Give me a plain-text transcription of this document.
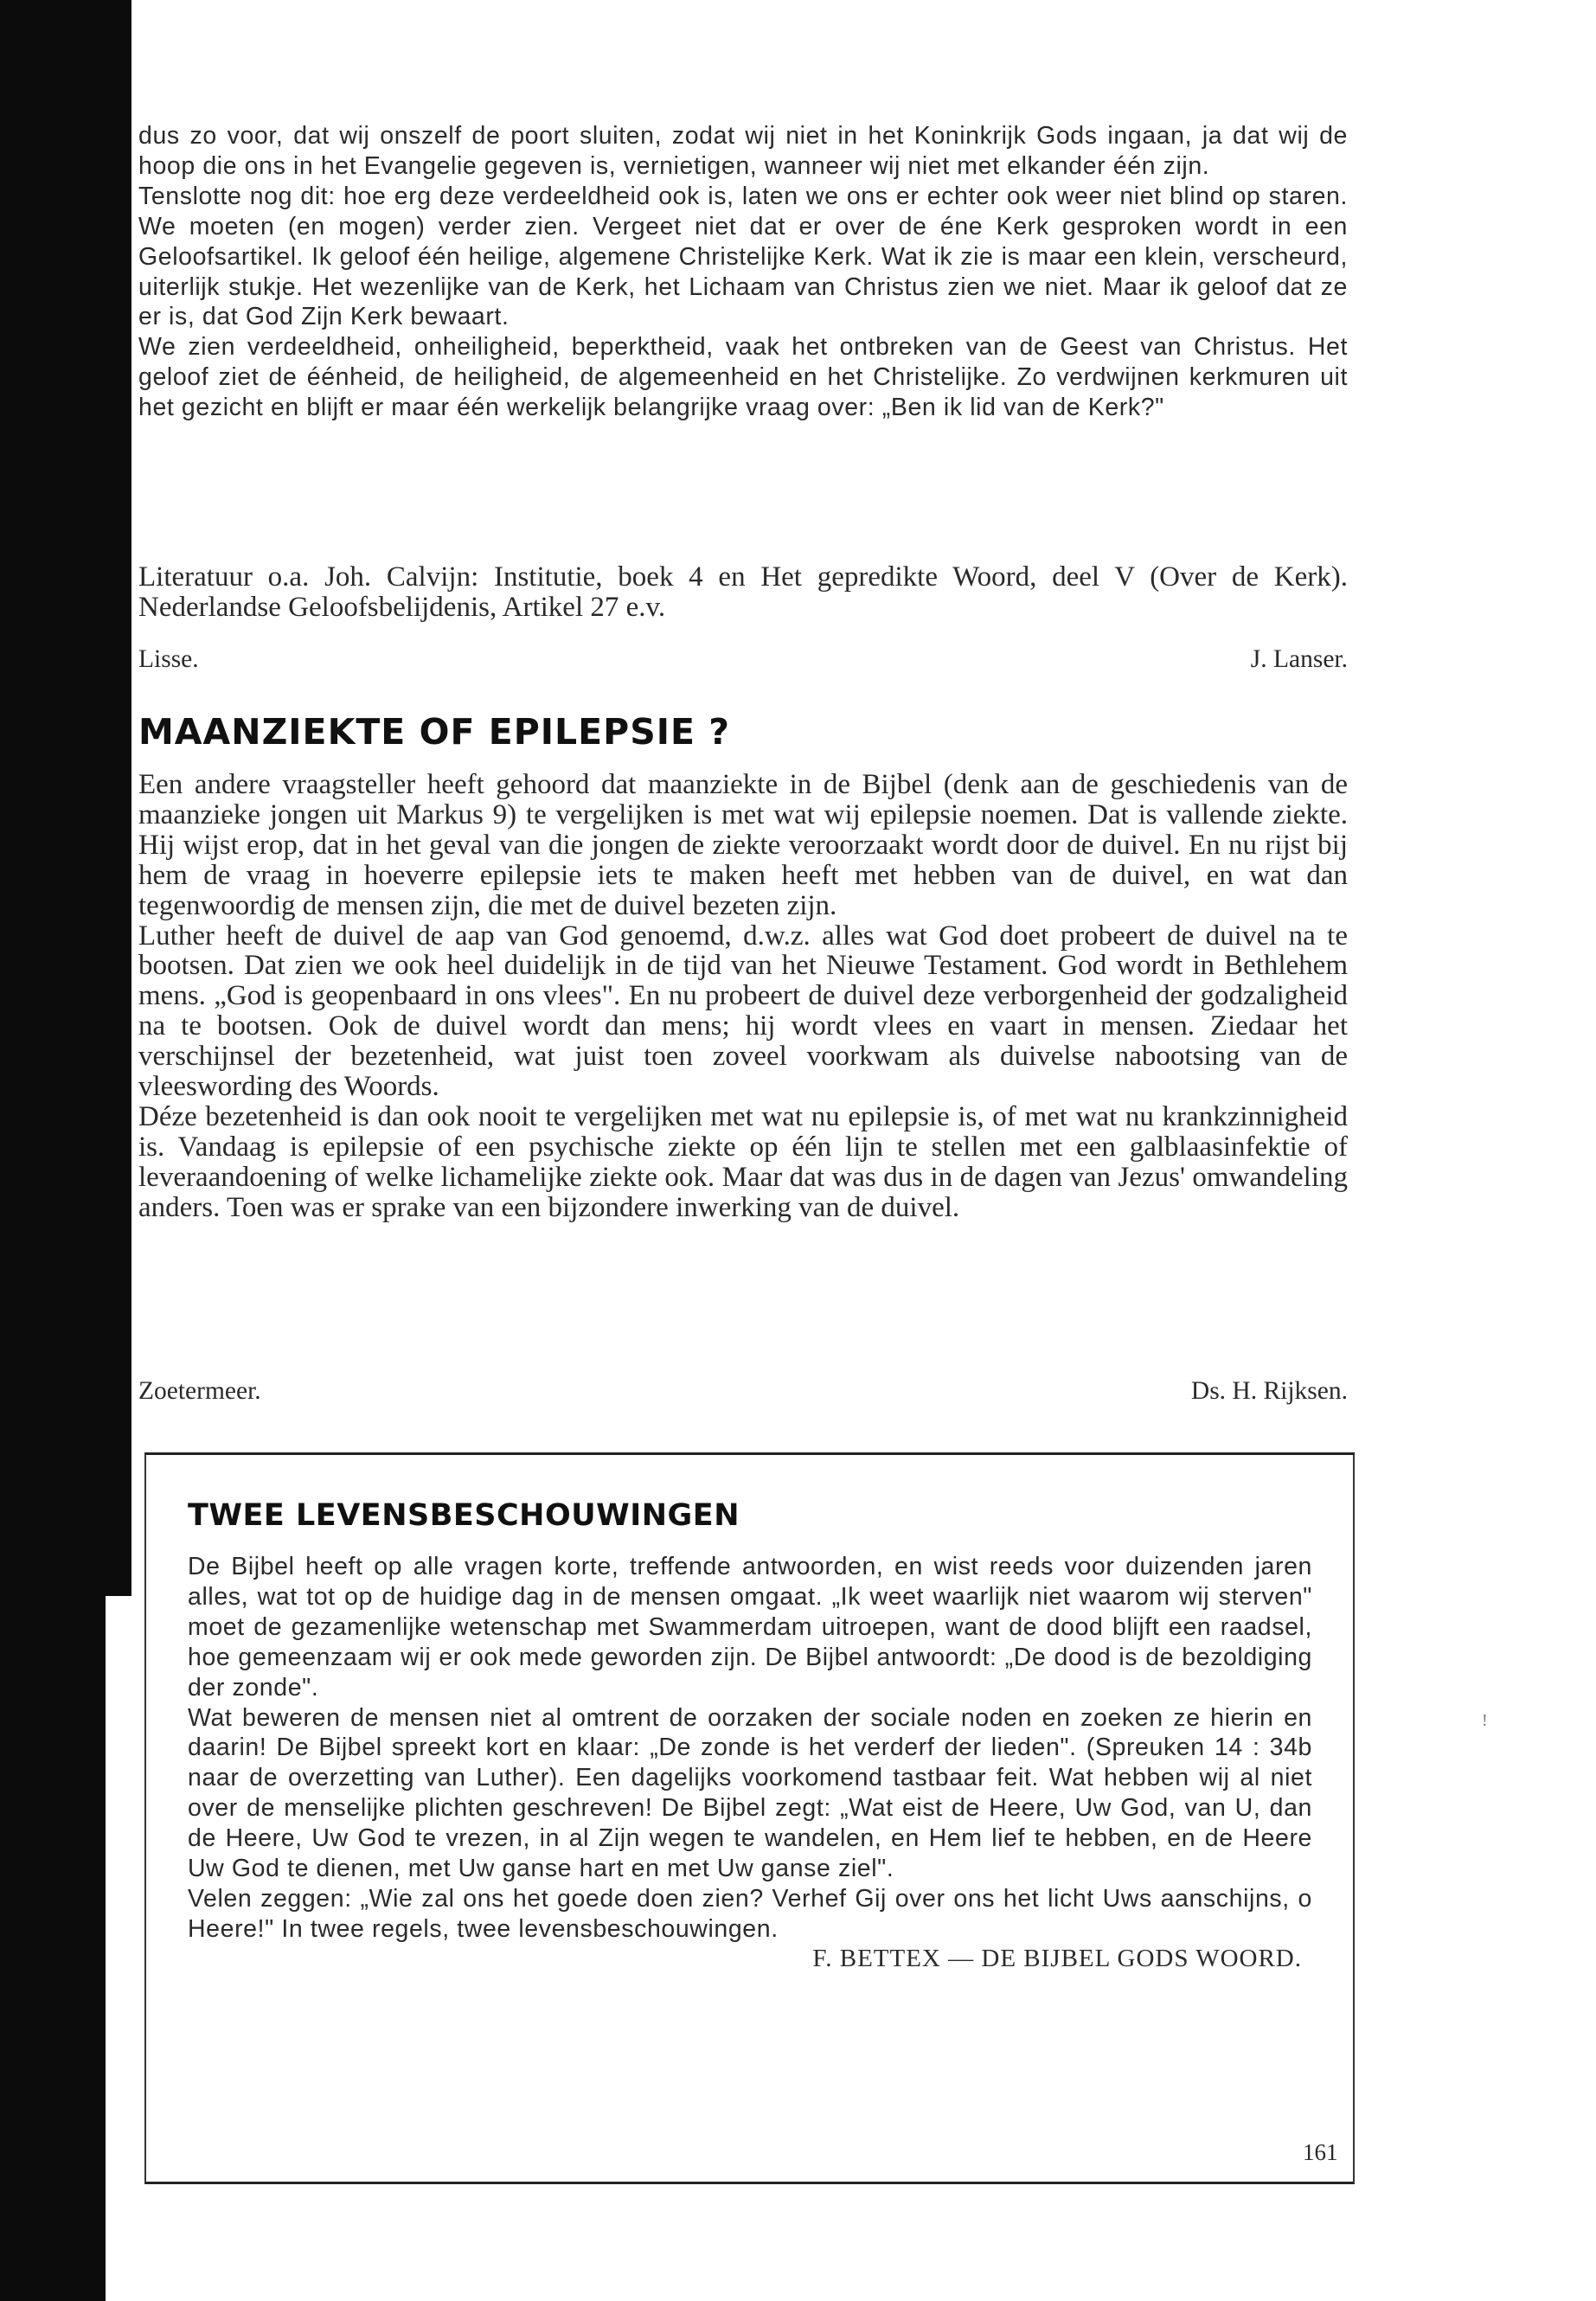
dus zo voor, dat wij onszelf de poort sluiten, zodat wij niet in het Koninkrijk Gods ingaan, ja dat wij de hoop die ons in het Evangelie gegeven is, vernietigen, wanneer wij niet met elkander één zijn.

Tenslotte nog dit: hoe erg deze verdeeldheid ook is, laten we ons er echter ook weer niet blind op staren. We moeten (en mogen) verder zien. Vergeet niet dat er over de éne Kerk gesproken wordt in een Geloofsartikel. Ik geloof één heilige, algemene Christelijke Kerk. Wat ik zie is maar een klein, verscheurd, uiterlijk stukje. Het wezenlijke van de Kerk, het Lichaam van Christus zien we niet. Maar ik geloof dat ze er is, dat God Zijn Kerk bewaart.

We zien verdeeldheid, onheiligheid, beperktheid, vaak het ontbreken van de Geest van Christus. Het geloof ziet de éénheid, de heiligheid, de algemeenheid en het Christelijke. Zo verdwijnen kerkmuren uit het gezicht en blijft er maar één werkelijk belangrijke vraag over: „Ben ik lid van de Kerk?"

Literatuur o.a. Joh. Calvijn: Institutie, boek 4 en Het gepredikte Woord, deel V (Over de Kerk). Nederlandse Geloofsbelijdenis, Artikel 27 e.v.

Lisse.	J. Lanser.
MAANZIEKTE OF EPILEPSIE ?

Een andere vraagsteller heeft gehoord dat maanziekte in de Bijbel (denk aan de geschiedenis van de maanzieke jongen uit Markus 9) te vergelijken is met wat wij epilepsie noemen. Dat is vallende ziekte. Hij wijst erop, dat in het geval van die jongen de ziekte veroorzaakt wordt door de duivel. En nu rijst bij hem de vraag in hoeverre epilepsie iets te maken heeft met hebben van de duivel, en wat dan tegenwoordig de mensen zijn, die met de duivel bezeten zijn.

Luther heeft de duivel de aap van God genoemd, d.w.z. alles wat God doet probeert de duivel na te bootsen. Dat zien we ook heel duidelijk in de tijd van het Nieuwe Testament. God wordt in Bethlehem mens. „God is geopenbaard in ons vlees". En nu probeert de duivel deze verborgenheid der godzaligheid na te bootsen. Ook de duivel wordt dan mens; hij wordt vlees en vaart in mensen. Ziedaar het verschijnsel der bezetenheid, wat juist toen zoveel voorkwam als duivelse nabootsing van de vleeswording des Woords.

Déze bezetenheid is dan ook nooit te vergelijken met wat nu epilepsie is, of met wat nu krankzinnigheid is. Vandaag is epilepsie of een psychische ziekte op één lijn te stellen met een galblaasinfektie of leveraandoening of welke lichamelijke ziekte ook. Maar dat was dus in de dagen van Jezus' omwandeling anders. Toen was er sprake van een bijzondere inwerking van de duivel.

Zoetermeer.	Ds. H. Rijksen.
TWEE LEVENSBESCHOUWINGEN

De Bijbel heeft op alle vragen korte, treffende antwoorden, en wist reeds voor duizenden jaren alles, wat tot op de huidige dag in de mensen omgaat. „Ik weet waarlijk niet waarom wij sterven" moet de gezamenlijke wetenschap met Swammerdam uitroepen, want de dood blijft een raadsel, hoe gemeenzaam wij er ook mede geworden zijn. De Bijbel antwoordt: „De dood is de bezoldiging der zonde".

Wat beweren de mensen niet al omtrent de oorzaken der sociale noden en zoeken ze hierin en daarin! De Bijbel spreekt kort en klaar: „De zonde is het verderf der lieden". (Spreuken 14 : 34b naar de overzetting van Luther). Een dagelijks voorkomend tastbaar feit. Wat hebben wij al niet over de menselijke plichten geschreven! De Bijbel zegt: „Wat eist de Heere, Uw God, van U, dan de Heere, Uw God te vrezen, in al Zijn wegen te wandelen, en Hem lief te hebben, en de Heere Uw God te dienen, met Uw ganse hart en met Uw ganse ziel".

Velen zeggen: „Wie zal ons het goede doen zien? Verhef Gij over ons het licht Uws aanschijns, o Heere!" In twee regels, twee levensbeschouwingen.

F. BETTEX — DE BIJBEL GODS WOORD.
!
161
